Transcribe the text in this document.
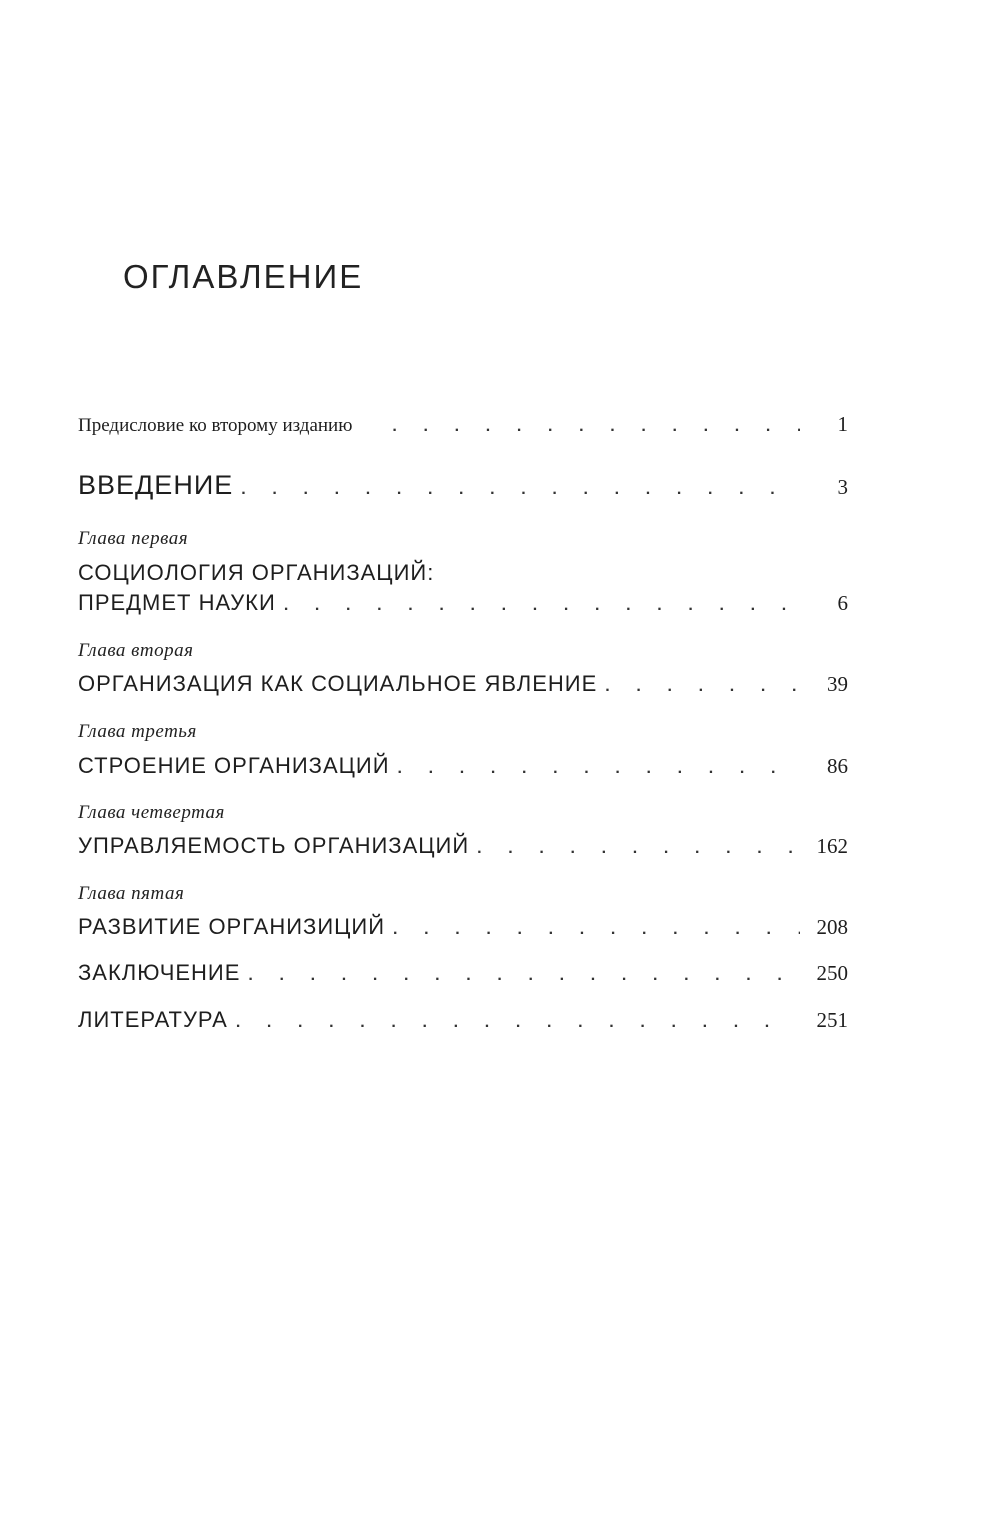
ОГЛАВЛЕНИЕ
Предисловие ко второму изданию .	1
ВВЕДЕНИЕ .	3
Глава первая
СОЦИОЛОГИЯ ОРГАНИЗАЦИЙ:
ПРЕДМЕТ НАУКИ .	6
Глава вторая
ОРГАНИЗАЦИЯ КАК СОЦИАЛЬНОЕ ЯВЛЕНИЕ .	39
Глава третья
СТРОЕНИЕ ОРГАНИЗАЦИЙ .	86
Глава четвертая
УПРАВЛЯЕМОСТЬ ОРГАНИЗАЦИЙ .	162
Глава пятая
РАЗВИТИЕ ОРГАНИЗИЦИЙ .	208
ЗАКЛЮЧЕНИЕ .	250
ЛИТЕРАТУРА .	251
